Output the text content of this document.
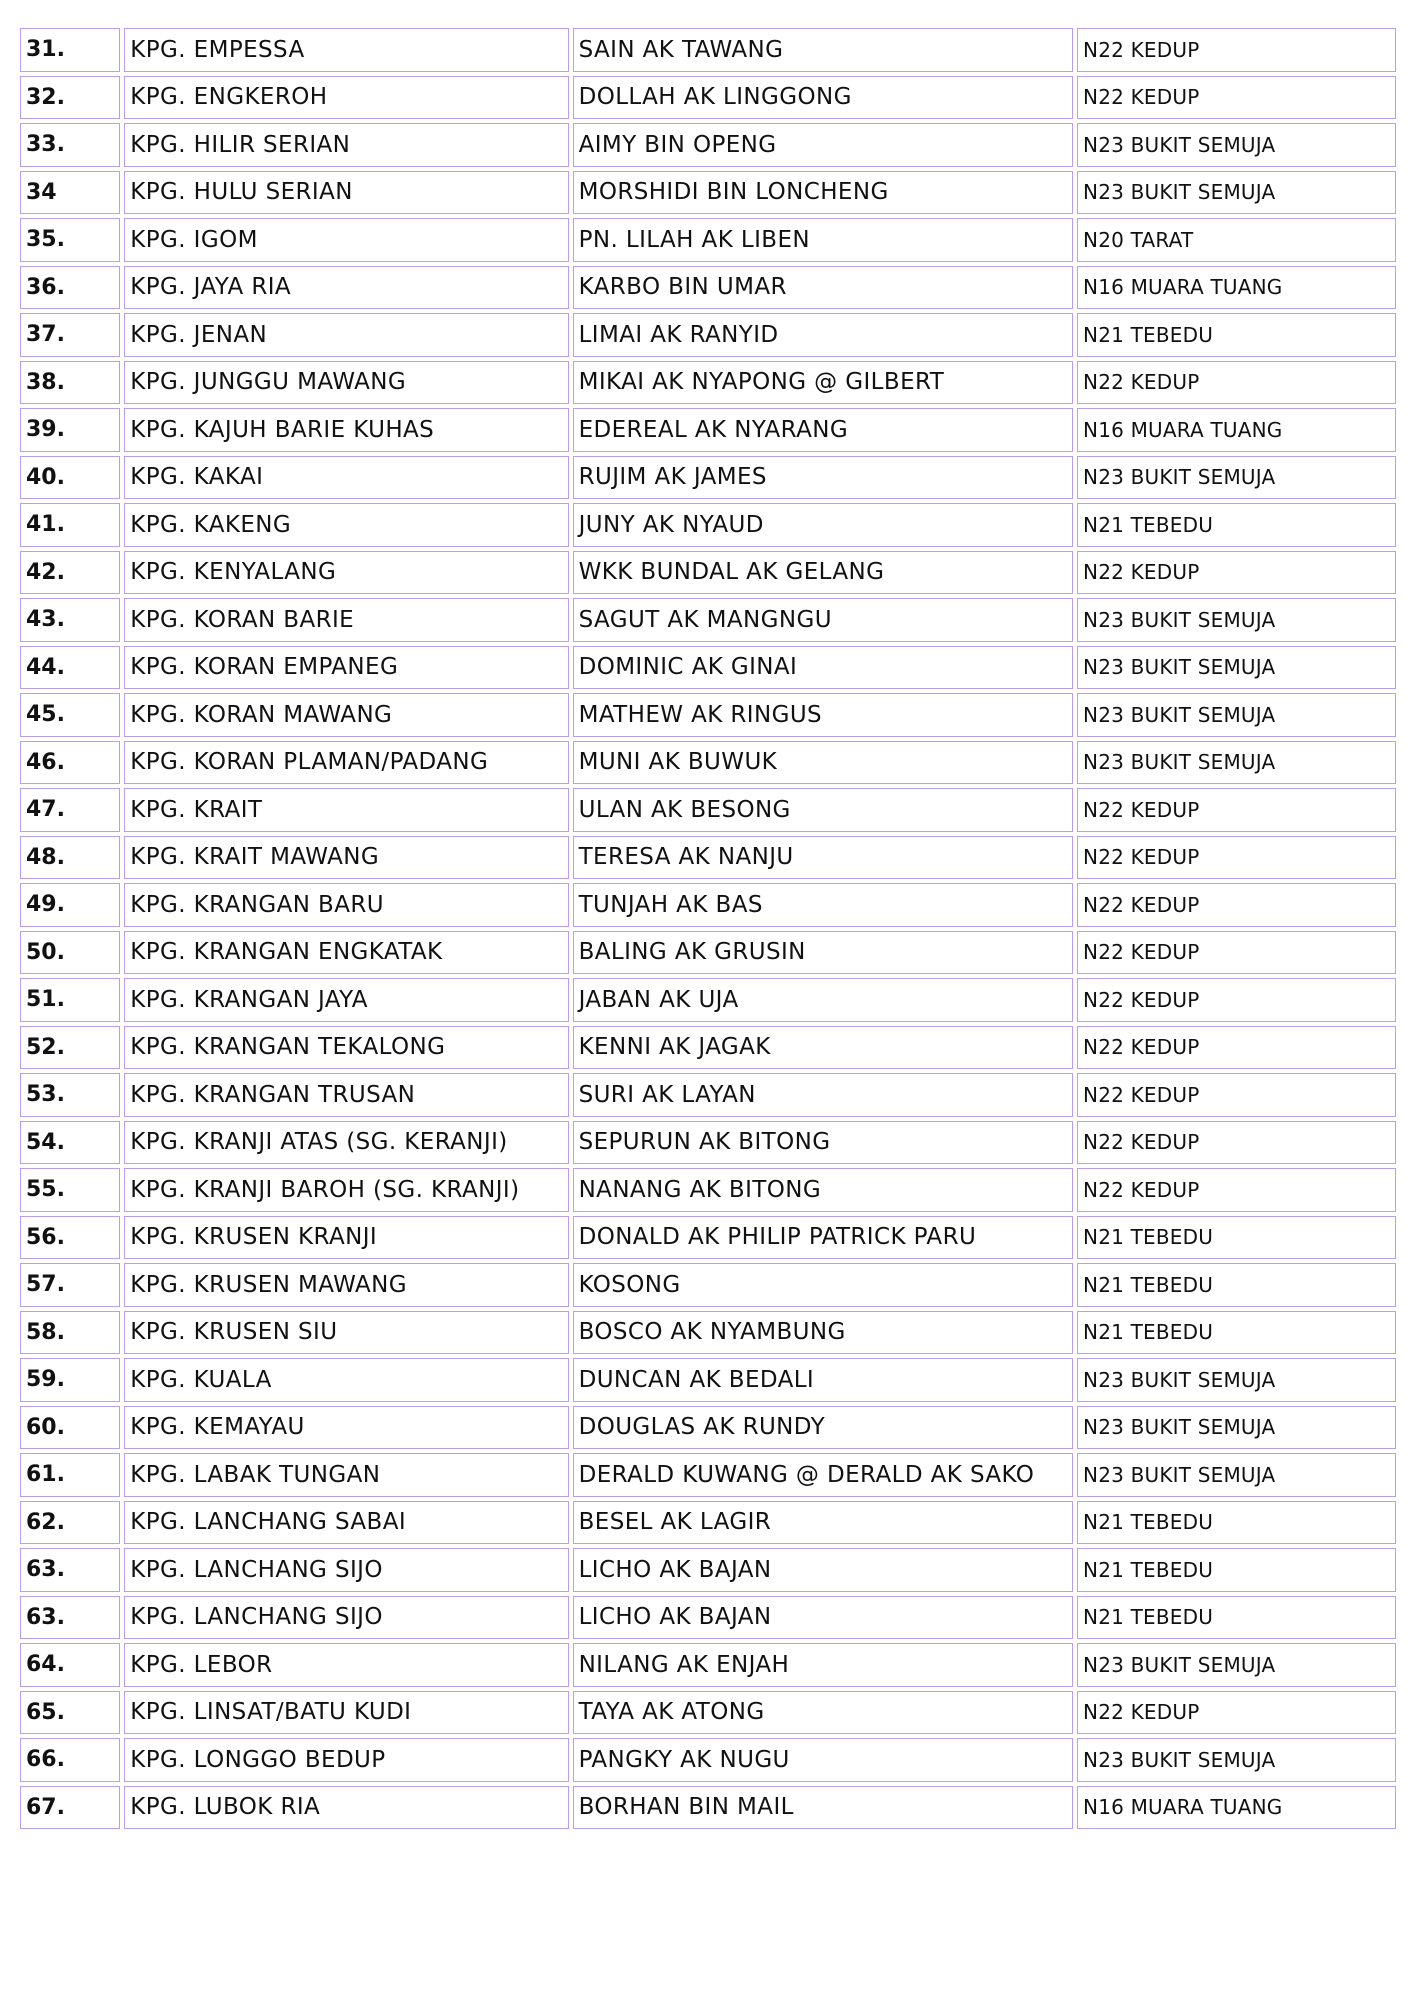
31.	KPG. EMPESSA	SAIN AK TAWANG	N22 KEDUP
32.	KPG. ENGKEROH	DOLLAH AK LINGGONG	N22 KEDUP
33.	KPG. HILIR SERIAN	AIMY BIN OPENG	N23 BUKIT SEMUJA
34	KPG. HULU SERIAN	MORSHIDI BIN LONCHENG	N23 BUKIT SEMUJA
35.	KPG. IGOM	PN. LILAH AK LIBEN	N20 TARAT
36.	KPG. JAYA RIA	KARBO BIN UMAR	N16 MUARA TUANG
37.	KPG. JENAN	LIMAI AK RANYID	N21 TEBEDU
38.	KPG. JUNGGU MAWANG	MIKAI AK NYAPONG @ GILBERT	N22 KEDUP
39.	KPG. KAJUH BARIE KUHAS	EDEREAL AK NYARANG	N16 MUARA TUANG
40.	KPG. KAKAI	RUJIM AK JAMES	N23 BUKIT SEMUJA
41.	KPG. KAKENG	JUNY AK NYAUD	N21 TEBEDU
42.	KPG. KENYALANG	WKK BUNDAL AK GELANG	N22 KEDUP
43.	KPG. KORAN BARIE	SAGUT AK MANGNGU	N23 BUKIT SEMUJA
44.	KPG. KORAN EMPANEG	DOMINIC AK GINAI	N23 BUKIT SEMUJA
45.	KPG. KORAN MAWANG	MATHEW AK RINGUS	N23 BUKIT SEMUJA
46.	KPG. KORAN PLAMAN/PADANG	MUNI AK BUWUK	N23 BUKIT SEMUJA
47.	KPG. KRAIT	ULAN AK BESONG	N22 KEDUP
48.	KPG. KRAIT MAWANG	TERESA AK NANJU	N22 KEDUP
49.	KPG. KRANGAN BARU	TUNJAH AK BAS	N22 KEDUP
50.	KPG. KRANGAN ENGKATAK	BALING AK GRUSIN	N22 KEDUP
51.	KPG. KRANGAN JAYA	JABAN AK UJA	N22 KEDUP
52.	KPG. KRANGAN TEKALONG	KENNI AK JAGAK	N22 KEDUP
53.	KPG. KRANGAN TRUSAN	SURI AK LAYAN	N22 KEDUP
54.	KPG. KRANJI ATAS (SG. KERANJI)	SEPURUN AK BITONG	N22 KEDUP
55.	KPG. KRANJI BAROH (SG. KRANJI)	NANANG AK BITONG	N22 KEDUP
56.	KPG. KRUSEN KRANJI	DONALD AK PHILIP PATRICK PARU	N21 TEBEDU
57.	KPG. KRUSEN MAWANG	KOSONG	N21 TEBEDU
58.	KPG. KRUSEN SIU	BOSCO AK NYAMBUNG	N21 TEBEDU
59.	KPG. KUALA	DUNCAN AK BEDALI	N23 BUKIT SEMUJA
60.	KPG. KEMAYAU	DOUGLAS AK RUNDY	N23 BUKIT SEMUJA
61.	KPG. LABAK TUNGAN	DERALD KUWANG @ DERALD AK SAKO	N23 BUKIT SEMUJA
62.	KPG. LANCHANG SABAI	BESEL AK LAGIR	N21 TEBEDU
63.	KPG. LANCHANG SIJO	LICHO AK BAJAN	N21 TEBEDU
63.	KPG. LANCHANG SIJO	LICHO AK BAJAN	N21 TEBEDU
64.	KPG. LEBOR	NILANG AK ENJAH	N23 BUKIT SEMUJA
65.	KPG. LINSAT/BATU KUDI	TAYA AK ATONG	N22 KEDUP
66.	KPG. LONGGO BEDUP	PANGKY AK NUGU	N23 BUKIT SEMUJA
67.	KPG. LUBOK RIA	BORHAN BIN MAIL	N16 MUARA TUANG
